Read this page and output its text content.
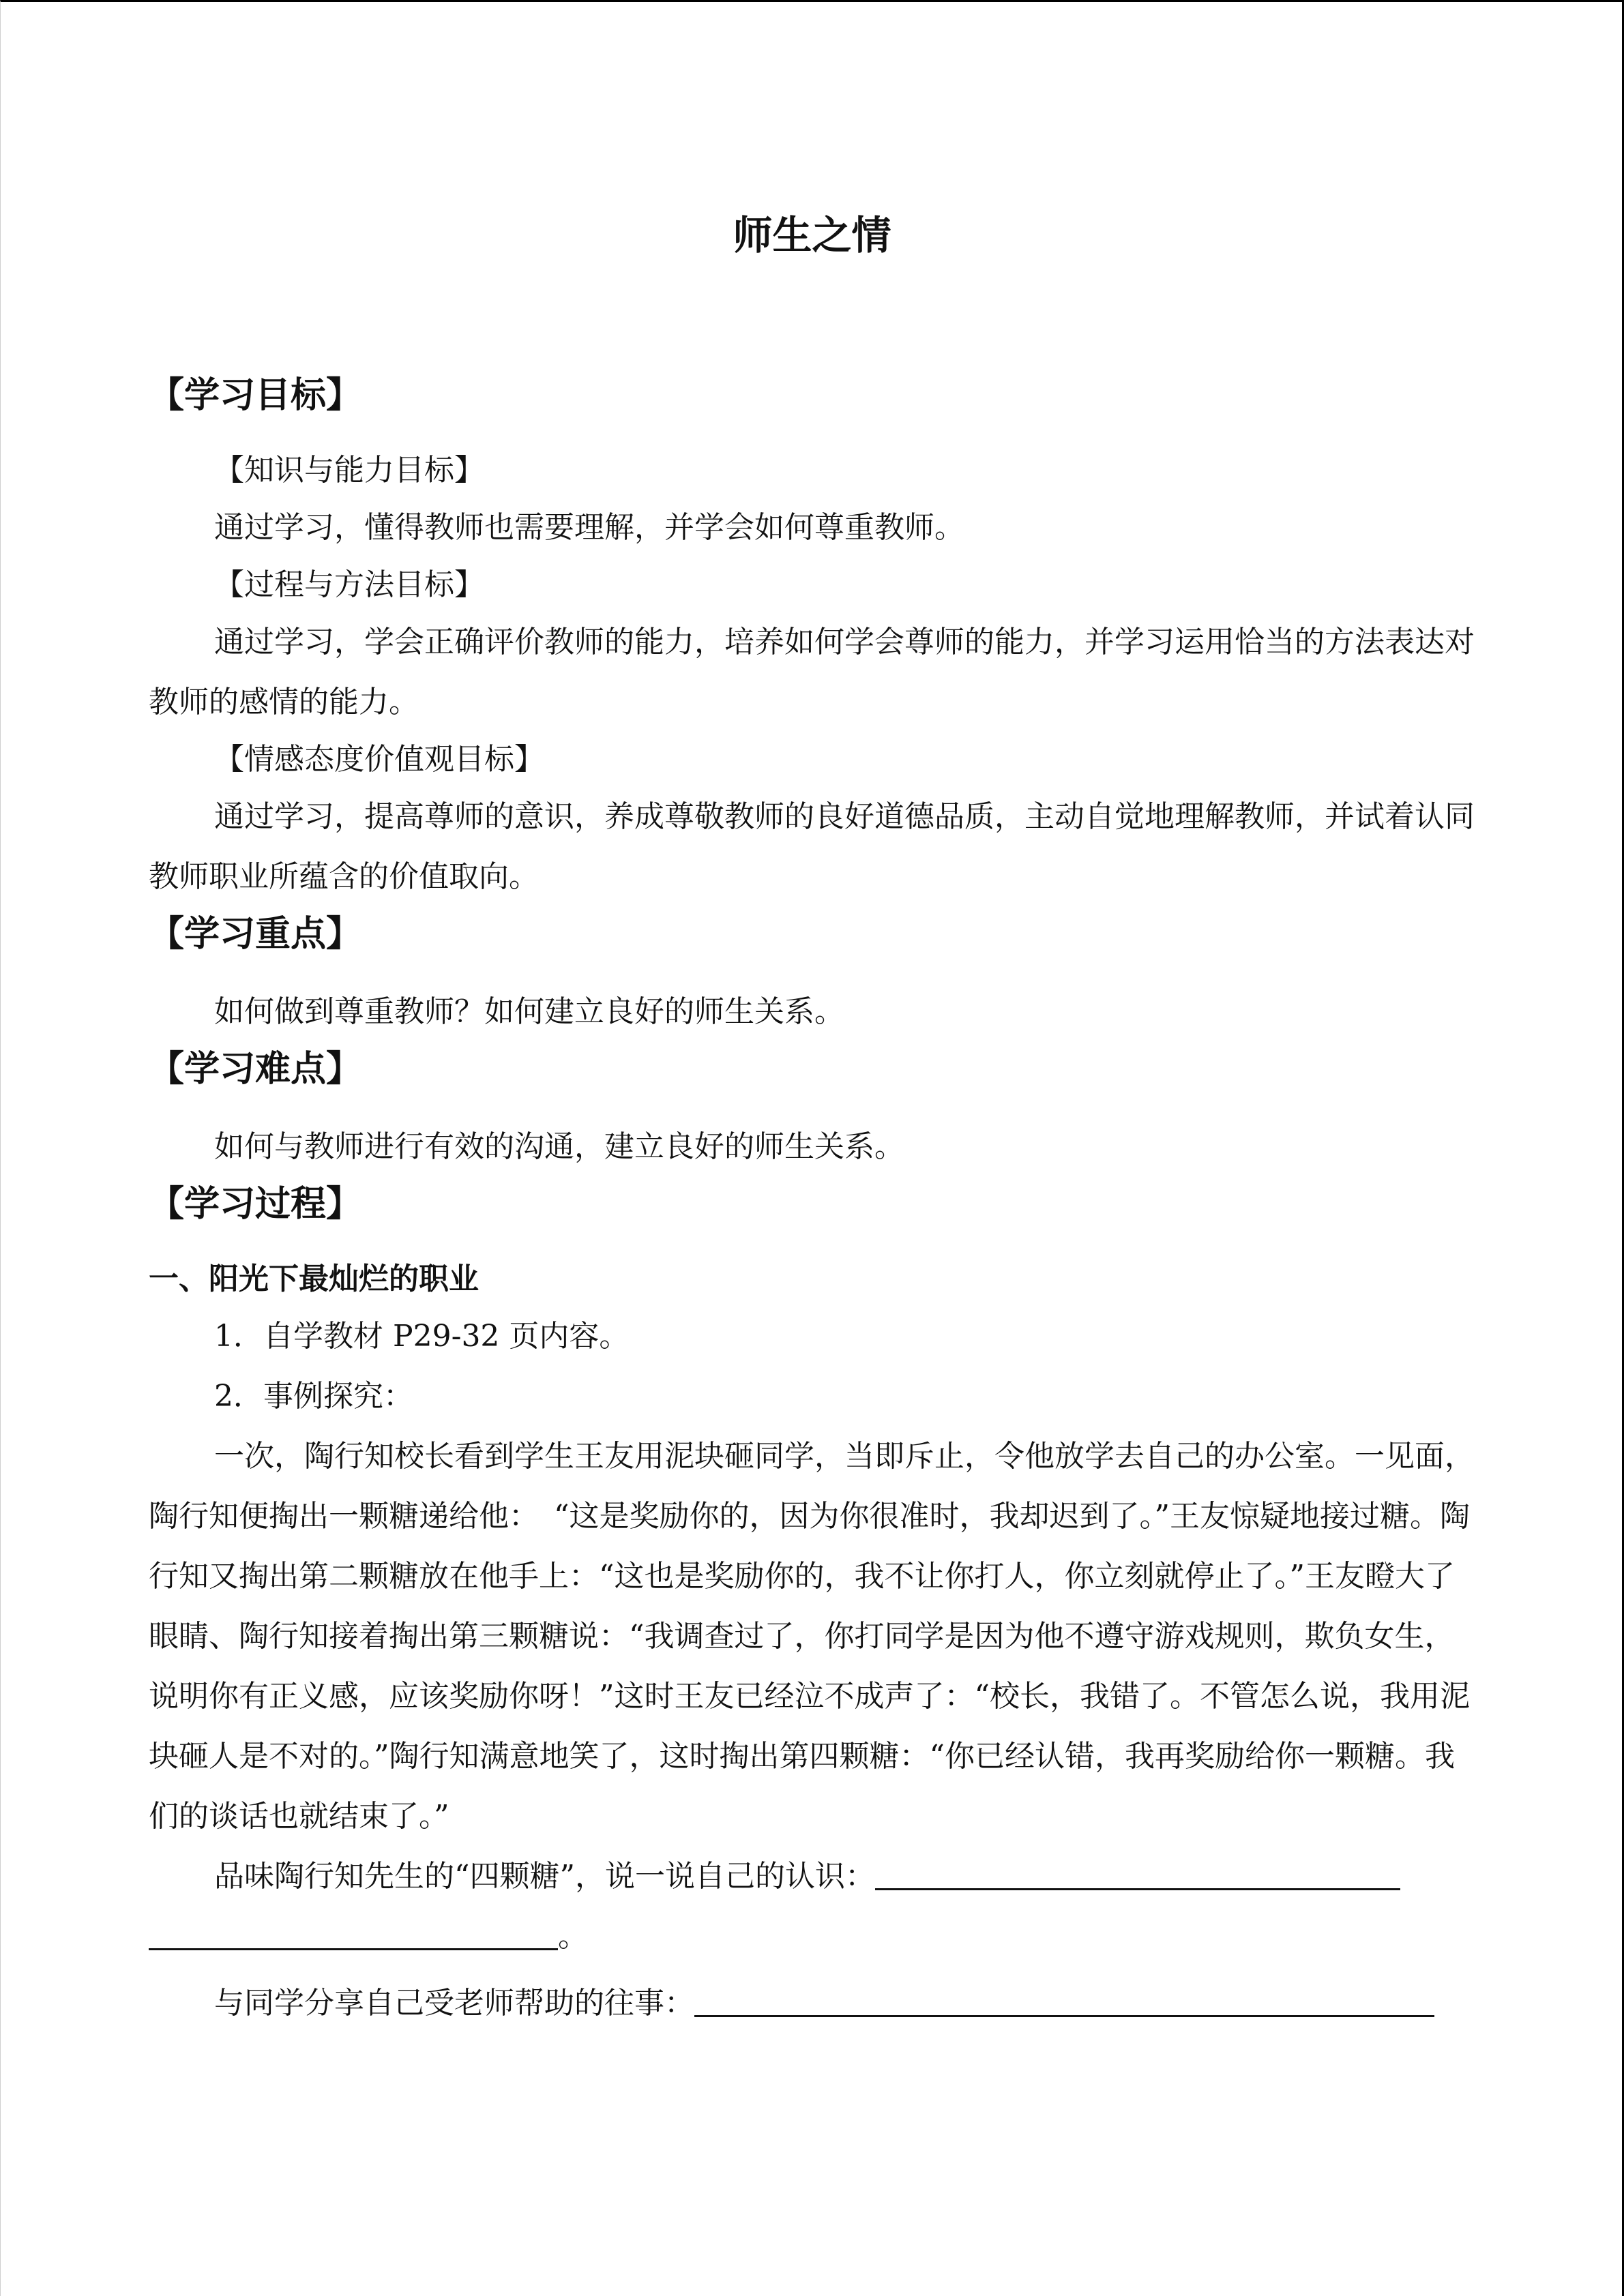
师生之情
【学习目标】
【知识与能力目标】

通过学习，懂得教师也需要理解，并学会如何尊重教师。

【过程与方法目标】

通过学习，学会正确评价教师的能力，培养如何学会尊师的能力，并学习运用恰当的方法表达对教师的感情的能力。

【情感态度价值观目标】

通过学习，提高尊师的意识，养成尊敬教师的良好道德品质，主动自觉地理解教师，并试着认同教师职业所蕴含的价值取向。

【学习重点】

如何做到尊重教师？如何建立良好的师生关系。

【学习难点】

如何与教师进行有效的沟通，建立良好的师生关系。

【学习过程】
一、阳光下最灿烂的职业

1．自学教材 P29-32 页内容。

2．事例探究：

一次，陶行知校长看到学生王友用泥块砸同学，当即斥止，令他放学去自己的办公室。一见面，陶行知便掏出一颗糖递给他：　“这是奖励你的，因为你很准时，我却迟到了。”王友惊疑地接过糖。陶行知又掏出第二颗糖放在他手上：“这也是奖励你的，我不让你打人，你立刻就停止了。”王友瞪大了眼睛、陶行知接着掏出第三颗糖说：“我调查过了，你打同学是因为他不遵守游戏规则，欺负女生，说明你有正义感，应该奖励你呀！”这时王友已经泣不成声了：“校长，我错了。不管怎么说，我用泥块砸人是不对的。”陶行知满意地笑了，这时掏出第四颗糖：“你已经认错，我再奖励给你一颗糖。我们的谈话也就结束了。”

品味陶行知先生的“四颗糖”，说一说自己的认识：

。

与同学分享自己受老师帮助的往事：
